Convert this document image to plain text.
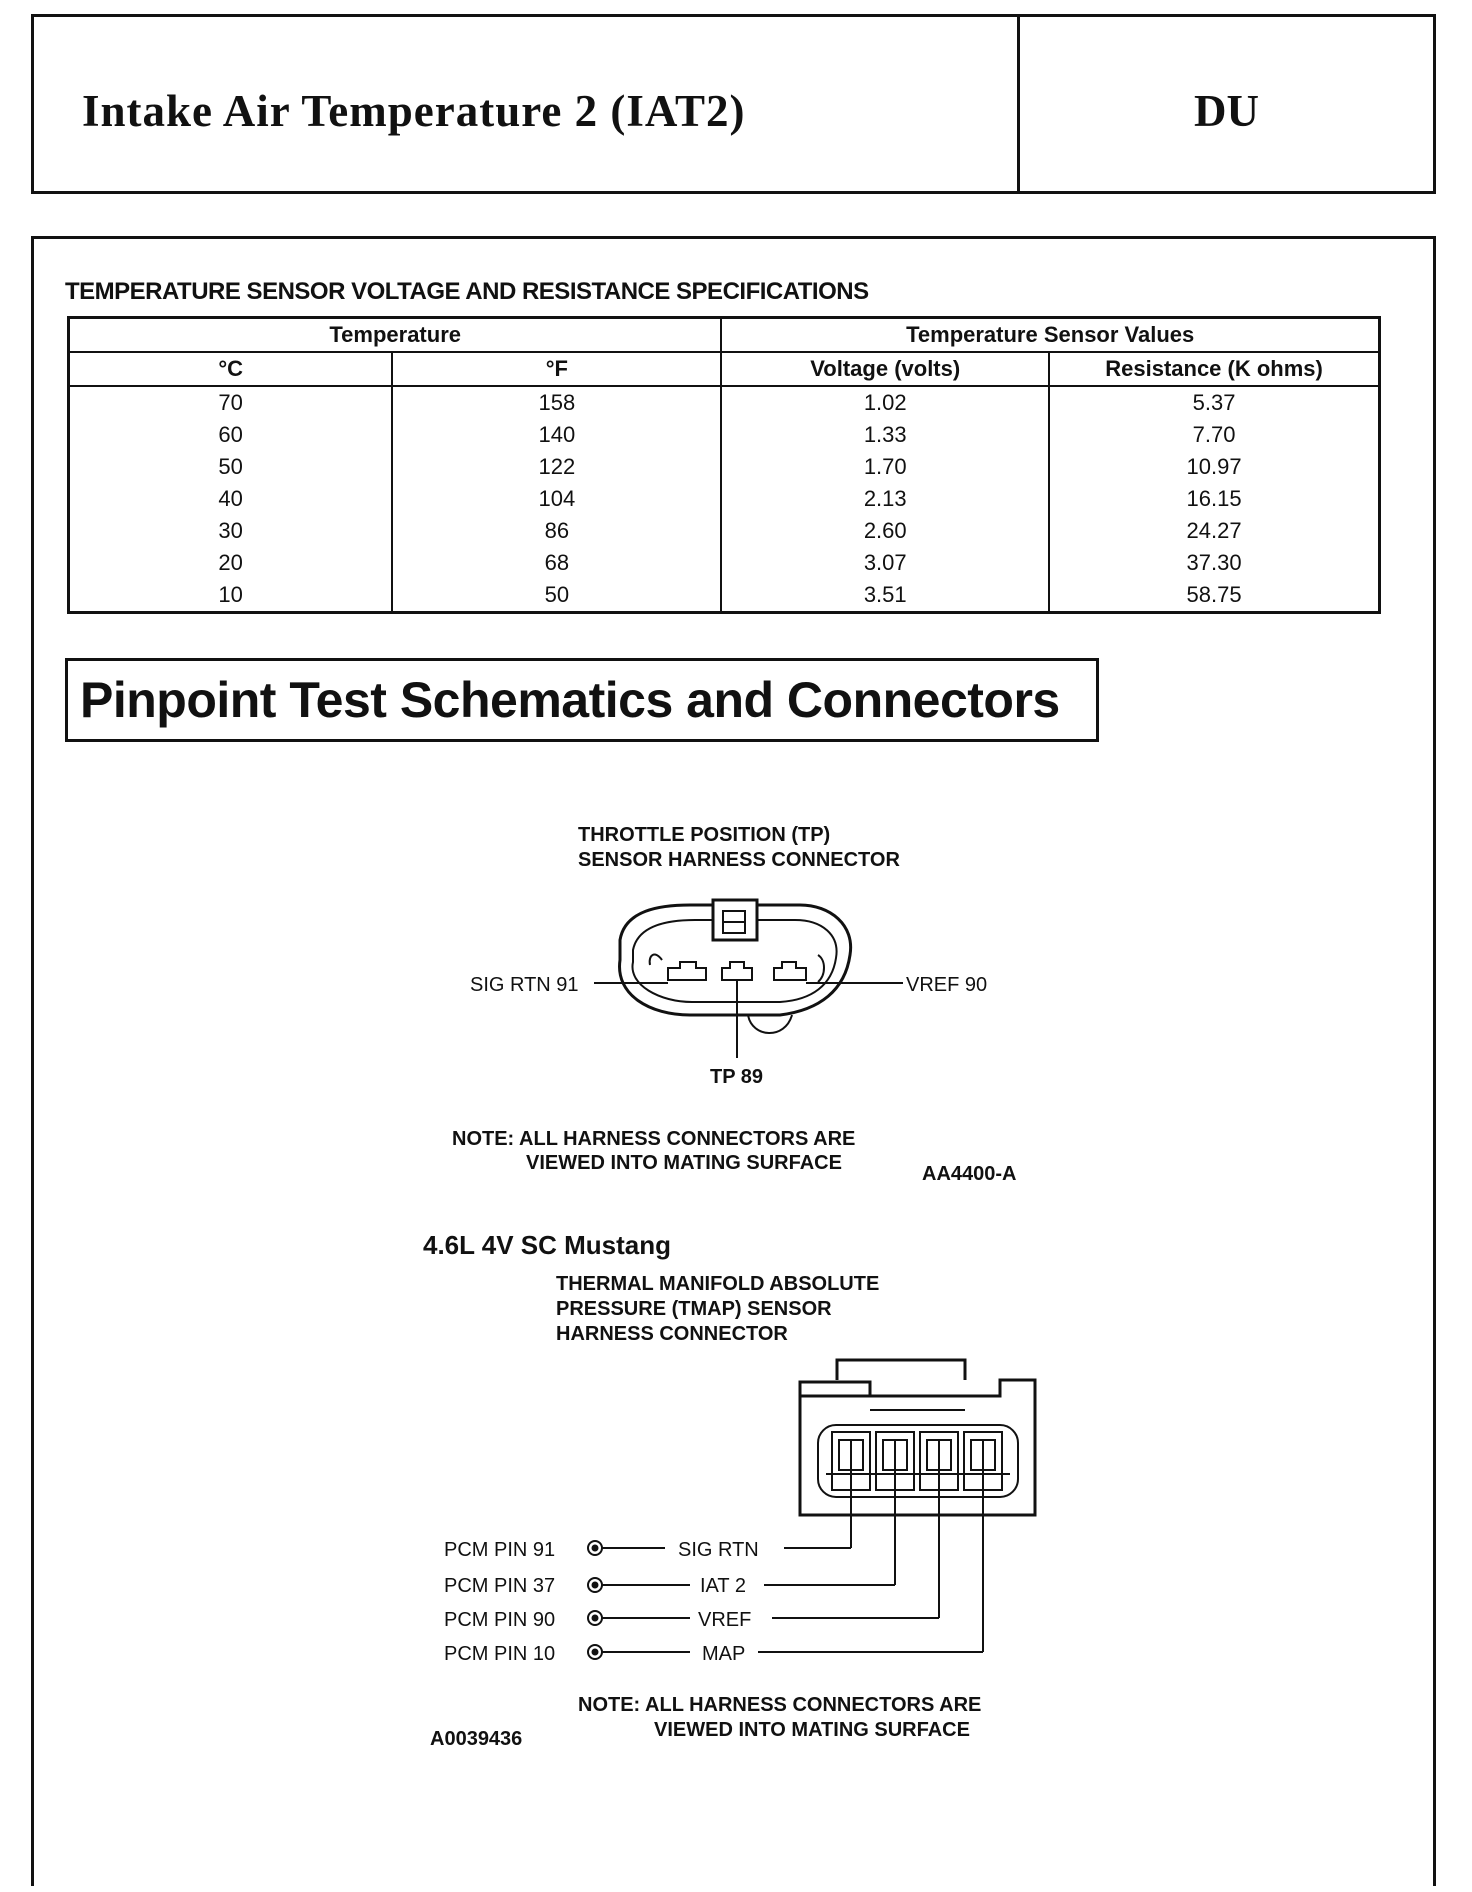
Intake Air Temperature 2 (IAT2)	DU
TEMPERATURE SENSOR VOLTAGE AND RESISTANCE SPECIFICATIONS
Temperature		Temperature Sensor Values	
°C	°F	Voltage (volts)	Resistance (K ohms)
70	158	1.02	5.37
60	140	1.33	7.70
50	122	1.70	10.97
40	104	2.13	16.15
30	86	2.60	24.27
20	68	3.07	37.30
10	50	3.51	58.75
Pinpoint Test Schematics and Connectors
THROTTLE POSITION (TP)
SENSOR HARNESS CONNECTOR
SIG RTN 91	VREF 90
TP 89
NOTE: ALL HARNESS CONNECTORS ARE
VIEWED INTO MATING SURFACE	AA4400-A
4.6L 4V SC Mustang
THERMAL MANIFOLD ABSOLUTE
PRESSURE (TMAP) SENSOR
HARNESS CONNECTOR
PCM PIN 91	SIG RTN
PCM PIN 37	IAT 2
PCM PIN 90	VREF
PCM PIN 10	MAP
NOTE: ALL HARNESS CONNECTORS ARE
VIEWED INTO MATING SURFACE
A0039436
